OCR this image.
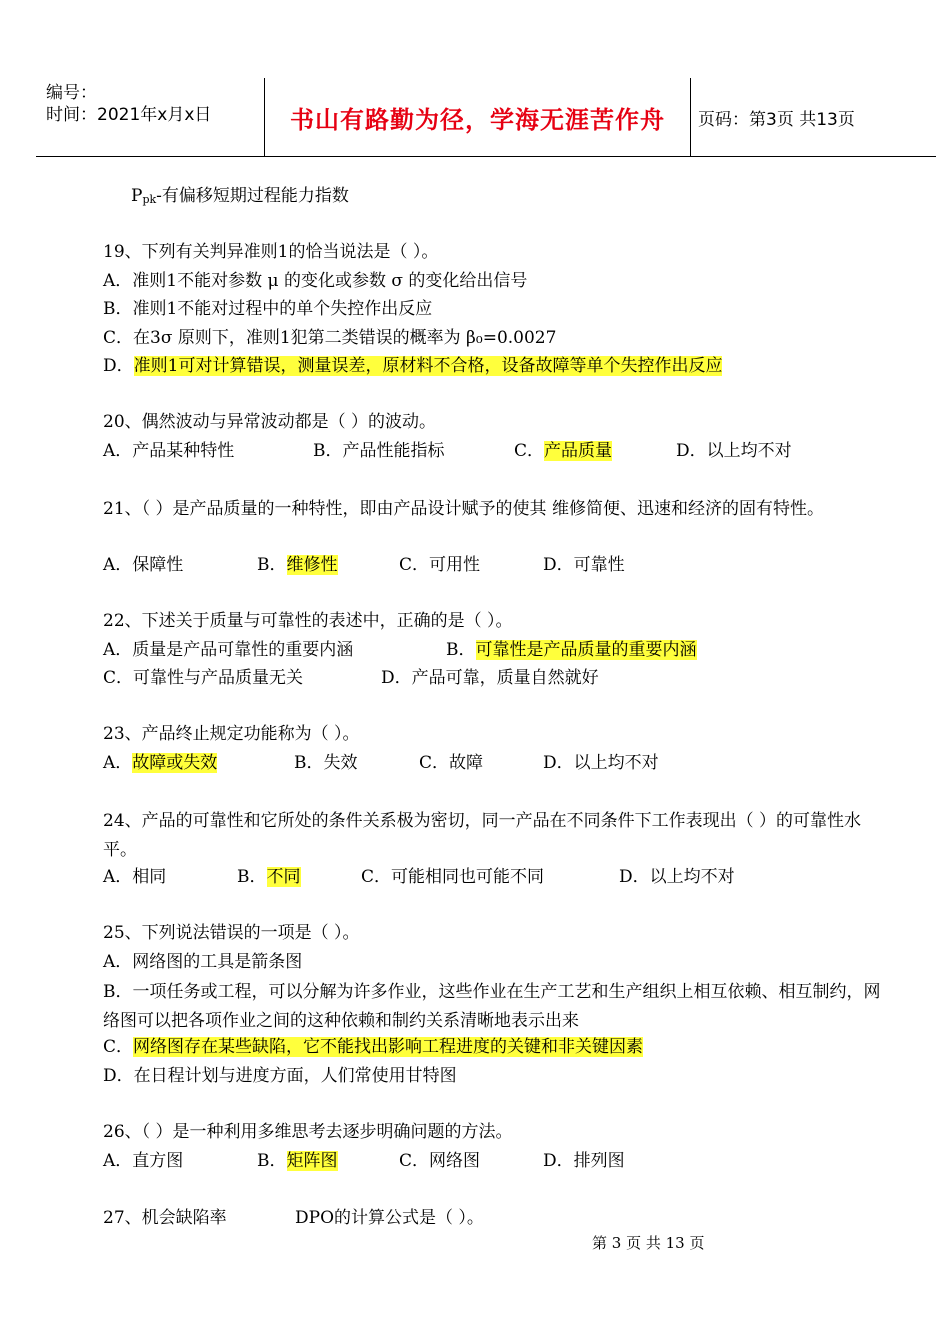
编号：
时间：2021年x月x日	书山有路勤为径，学海无涯苦作舟	页码：第3页 共13页
Ppk-有偏移短期过程能力指数
19、下列有关判异准则1的恰当说法是（ ）。
A．准则1不能对参数 μ 的变化或参数 σ 的变化给出信号
B．准则1不能对过程中的单个失控作出反应
C．在3σ 原则下，准则1犯第二类错误的概率为 β₀=0.0027
D．准则1可对计算错误，测量误差，原材料不合格，设备故障等单个失控作出反应
20、偶然波动与异常波动都是（ ）的波动。
A．产品某种特性	B．产品性能指标	C．产品质量	D．以上均不对
21、（ ）是产品质量的一种特性，即由产品设计赋予的使其 维修简便、迅速和经济的固有特性。
A．保障性	B．维修性	C．可用性	D．可靠性
22、下述关于质量与可靠性的表述中，正确的是（ ）。
A．质量是产品可靠性的重要内涵	B．可靠性是产品质量的重要内涵
C．可靠性与产品质量无关	D．产品可靠，质量自然就好
23、产品终止规定功能称为（ ）。
A．故障或失效	B．失效	C．故障	D．以上均不对
24、产品的可靠性和它所处的条件关系极为密切，同一产品在不同条件下工作表现出（ ）的可靠性水平。
A．相同	B．不同	C．可能相同也可能不同	D．以上均不对
25、下列说法错误的一项是（ ）。
A．网络图的工具是箭条图
B．一项任务或工程，可以分解为许多作业，这些作业在生产工艺和生产组织上相互依赖、相互制约，网络图可以把各项作业之间的这种依赖和制约关系清晰地表示出来
C．网络图存在某些缺陷，它不能找出影响工程进度的关键和非关键因素
D．在日程计划与进度方面，人们常使用甘特图
26、（ ）是一种利用多维思考去逐步明确问题的方法。
A．直方图	B．矩阵图	C．网络图	D．排列图
27、机会缺陷率	DPO的计算公式是（ ）。
第 3 页 共 13 页
